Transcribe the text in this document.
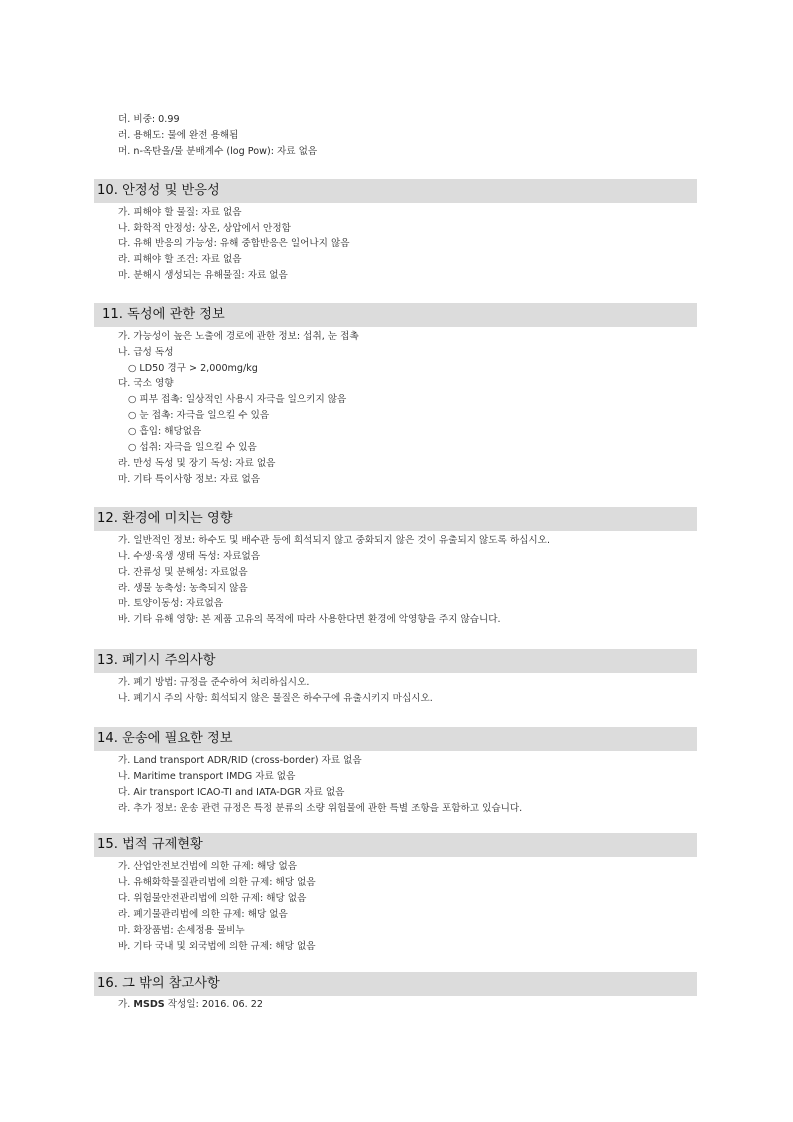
더. 비중: 0.99
러. 용해도: 물에 완전 용해됨
머. n-옥탄올/물 분배계수 (log Pow): 자료 없음
10. 안정성 및 반응성
가. 피해야 할 물질: 자료 없음
나. 화학적 안정성: 상온, 상압에서 안정함
다. 유해 반응의 가능성: 유해 중합반응은 일어나지 않음
라. 피해야 할 조건: 자료 없음
마. 분해시 생성되는 유해물질: 자료 없음
11. 독성에 관한 정보
가. 가능성이 높은 노출에 경로에 관한 정보: 섭취, 눈 접촉
나. 급성 독성
○ LD50 경구 > 2,000mg/kg
다. 국소 영향
○ 피부 접촉: 일상적인 사용시 자극을 일으키지 않음
○ 눈 접촉: 자극을 일으킬 수 있음
○ 흡입: 해당없음
○ 섭취: 자극을 일으킬 수 있음
라. 만성 독성 및 장기 독성: 자료 없음
마. 기타 특이사항 정보: 자료 없음
12. 환경에 미치는 영향
가. 일반적인 정보: 하수도 및 배수관 등에 희석되지 않고 중화되지 않은 것이 유출되지 않도록 하십시오.
나. 수생·육생 생태 독성: 자료없음
다. 잔류성 및 분해성: 자료없음
라. 생물 농축성: 농축되지 않음
마. 토양이동성: 자료없음
바. 기타 유해 영향: 본 제품 고유의 목적에 따라 사용한다면 환경에 악영향을 주지 않습니다.
13. 폐기시 주의사항
가. 폐기 방법: 규정을 준수하여 처리하십시오.
나. 폐기시 주의 사항: 희석되지 않은 물질은 하수구에 유출시키지 마십시오.
14. 운송에 필요한 정보
가. Land transport ADR/RID (cross-border) 자료 없음
나. Maritime transport IMDG 자료 없음
다. Air transport ICAO-TI and IATA-DGR 자료 없음
라. 추가 정보: 운송 관련 규정은 특정 분류의 소량 위험물에 관한 특별 조항을 포함하고 있습니다.
15. 법적 규제현황
가. 산업안전보건법에 의한 규제: 해당 없음
나. 유해화학물질관리법에 의한 규제: 해당 없음
다. 위험물안전관리법에 의한 규제: 해당 없음
라. 폐기물관리법에 의한 규제: 해당 없음
마. 화장품법: 손세정용 물비누
바. 기타 국내 및 외국법에 의한 규제: 해당 없음
16. 그 밖의 참고사항
가. MSDS 작성일: 2016. 06. 22
